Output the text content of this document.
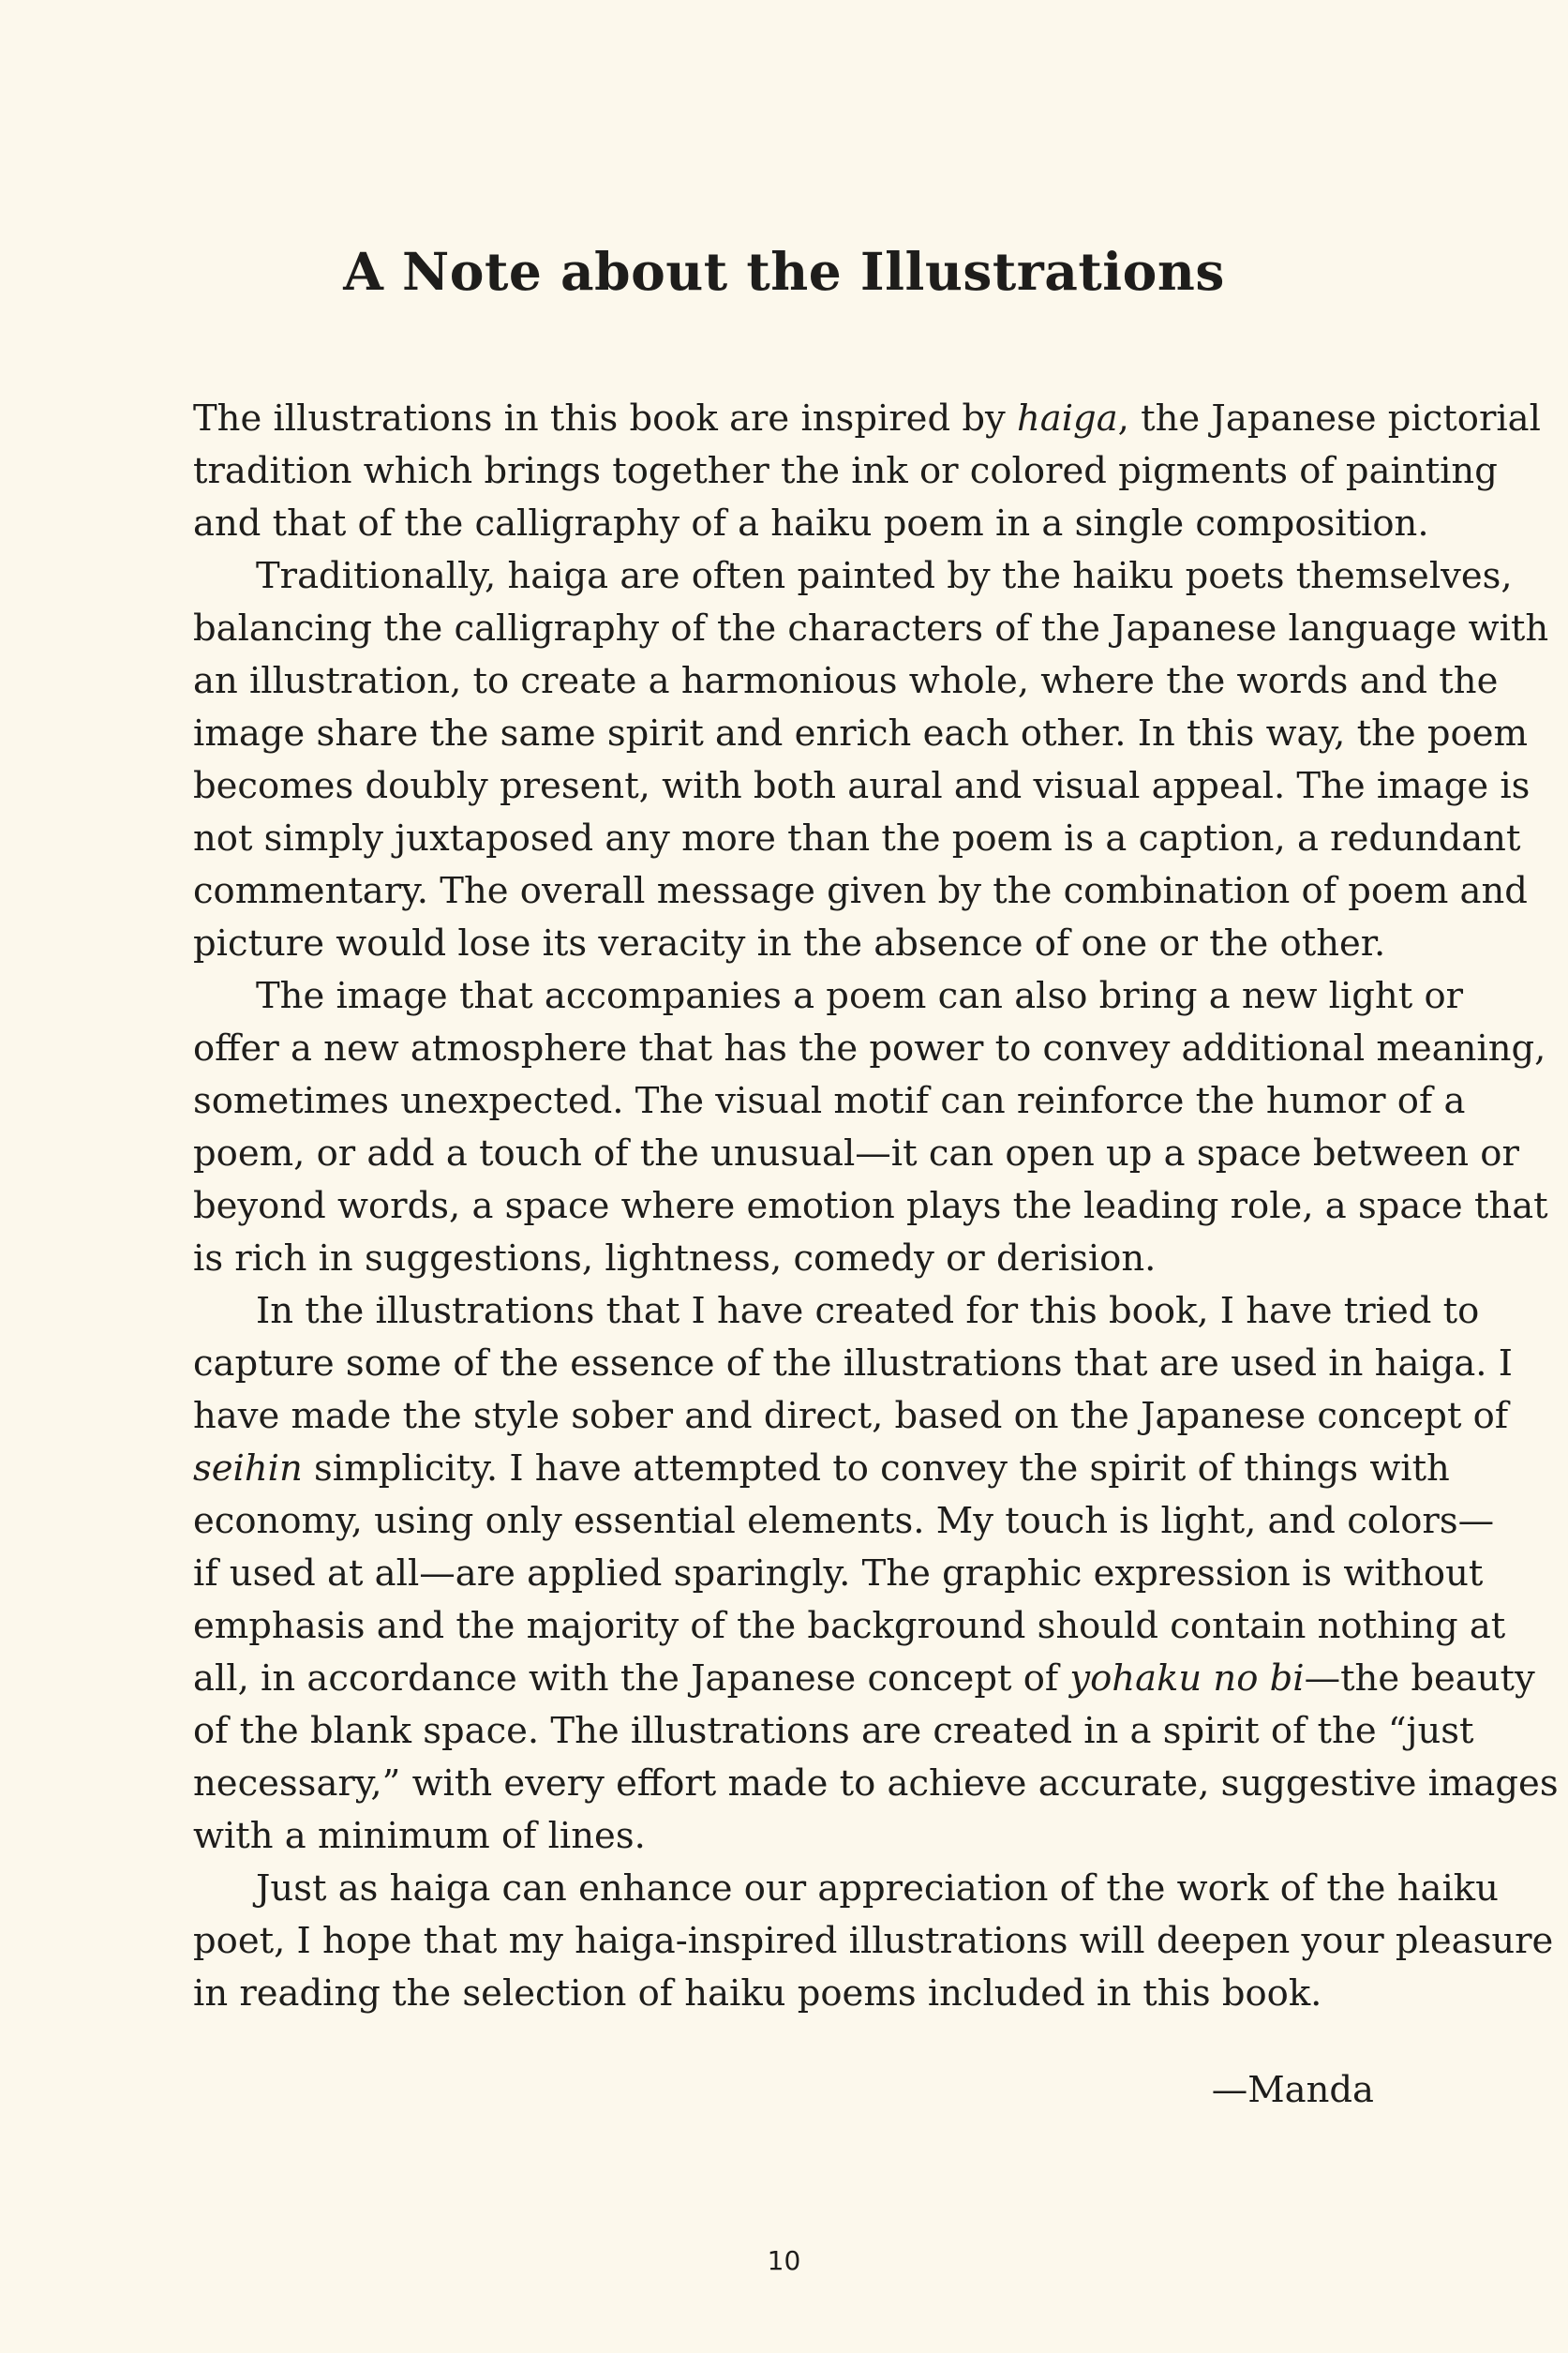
A Note about the Illustrations
The illustrations in this book are inspired by haiga, the Japanese pictorial
tradition which brings together the ink or colored pigments of painting
and that of the calligraphy of a haiku poem in a single composition.
Traditionally, haiga are often painted by the haiku poets themselves,
balancing the calligraphy of the characters of the Japanese language with
an illustration, to create a harmonious whole, where the words and the
image share the same spirit and enrich each other. In this way, the poem
becomes doubly present, with both aural and visual appeal. The image is
not simply juxtaposed any more than the poem is a caption, a redundant
commentary. The overall message given by the combination of poem and
picture would lose its veracity in the absence of one or the other.
The image that accompanies a poem can also bring a new light or
offer a new atmosphere that has the power to convey additional meaning,
sometimes unexpected. The visual motif can reinforce the humor of a
poem, or add a touch of the unusual—it can open up a space between or
beyond words, a space where emotion plays the leading role, a space that
is rich in suggestions, lightness, comedy or derision.
In the illustrations that I have created for this book, I have tried to
capture some of the essence of the illustrations that are used in haiga. I
have made the style sober and direct, based on the Japanese concept of
seihin simplicity. I have attempted to convey the spirit of things with
economy, using only essential elements. My touch is light, and colors—
if used at all—are applied sparingly. The graphic expression is without
emphasis and the majority of the background should contain nothing at
all, in accordance with the Japanese concept of yohaku no bi—the beauty
of the blank space. The illustrations are created in a spirit of the “just
necessary,” with every effort made to achieve accurate, suggestive images
with a minimum of lines.
Just as haiga can enhance our appreciation of the work of the haiku
poet, I hope that my haiga-inspired illustrations will deepen your pleasure
in reading the selection of haiku poems included in this book.
—Manda
10
